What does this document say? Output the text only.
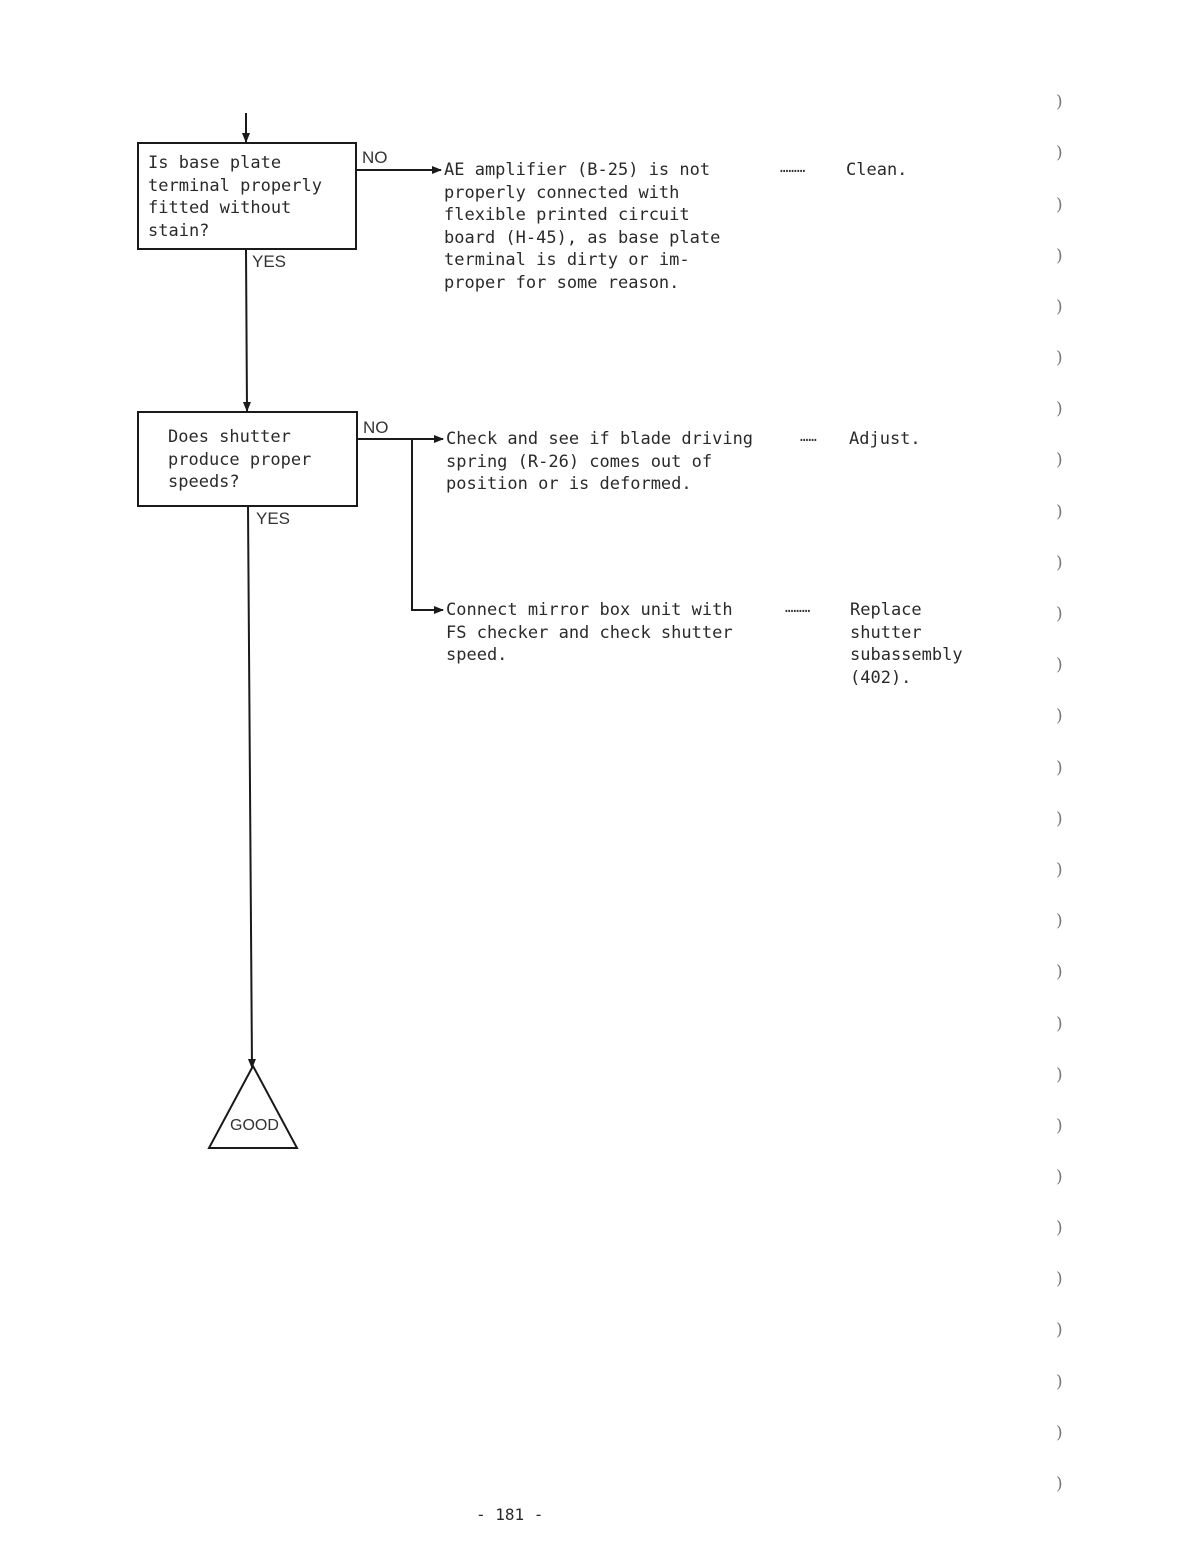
Is base plate
terminal properly
fitted without
stain?
NO
YES
Does shutter
produce proper
speeds?
NO
YES
AE amplifier (B-25) is not
properly connected with
flexible printed circuit
board (H-45), as base plate
terminal is dirty or im-
proper for some reason.
……… Clean.
Check and see if blade driving
spring (R-26) comes out of
position or is deformed.
…… Adjust.
Connect mirror box unit with
FS checker and check shutter
speed.
……… Replace
shutter
subassembly
(402).
GOOD
- 181 -
)
)
)
)
)
)
)
)
)
)
)
)
)
)
)
)
)
)
)
)
)
)
)
)
)
)
)
)
